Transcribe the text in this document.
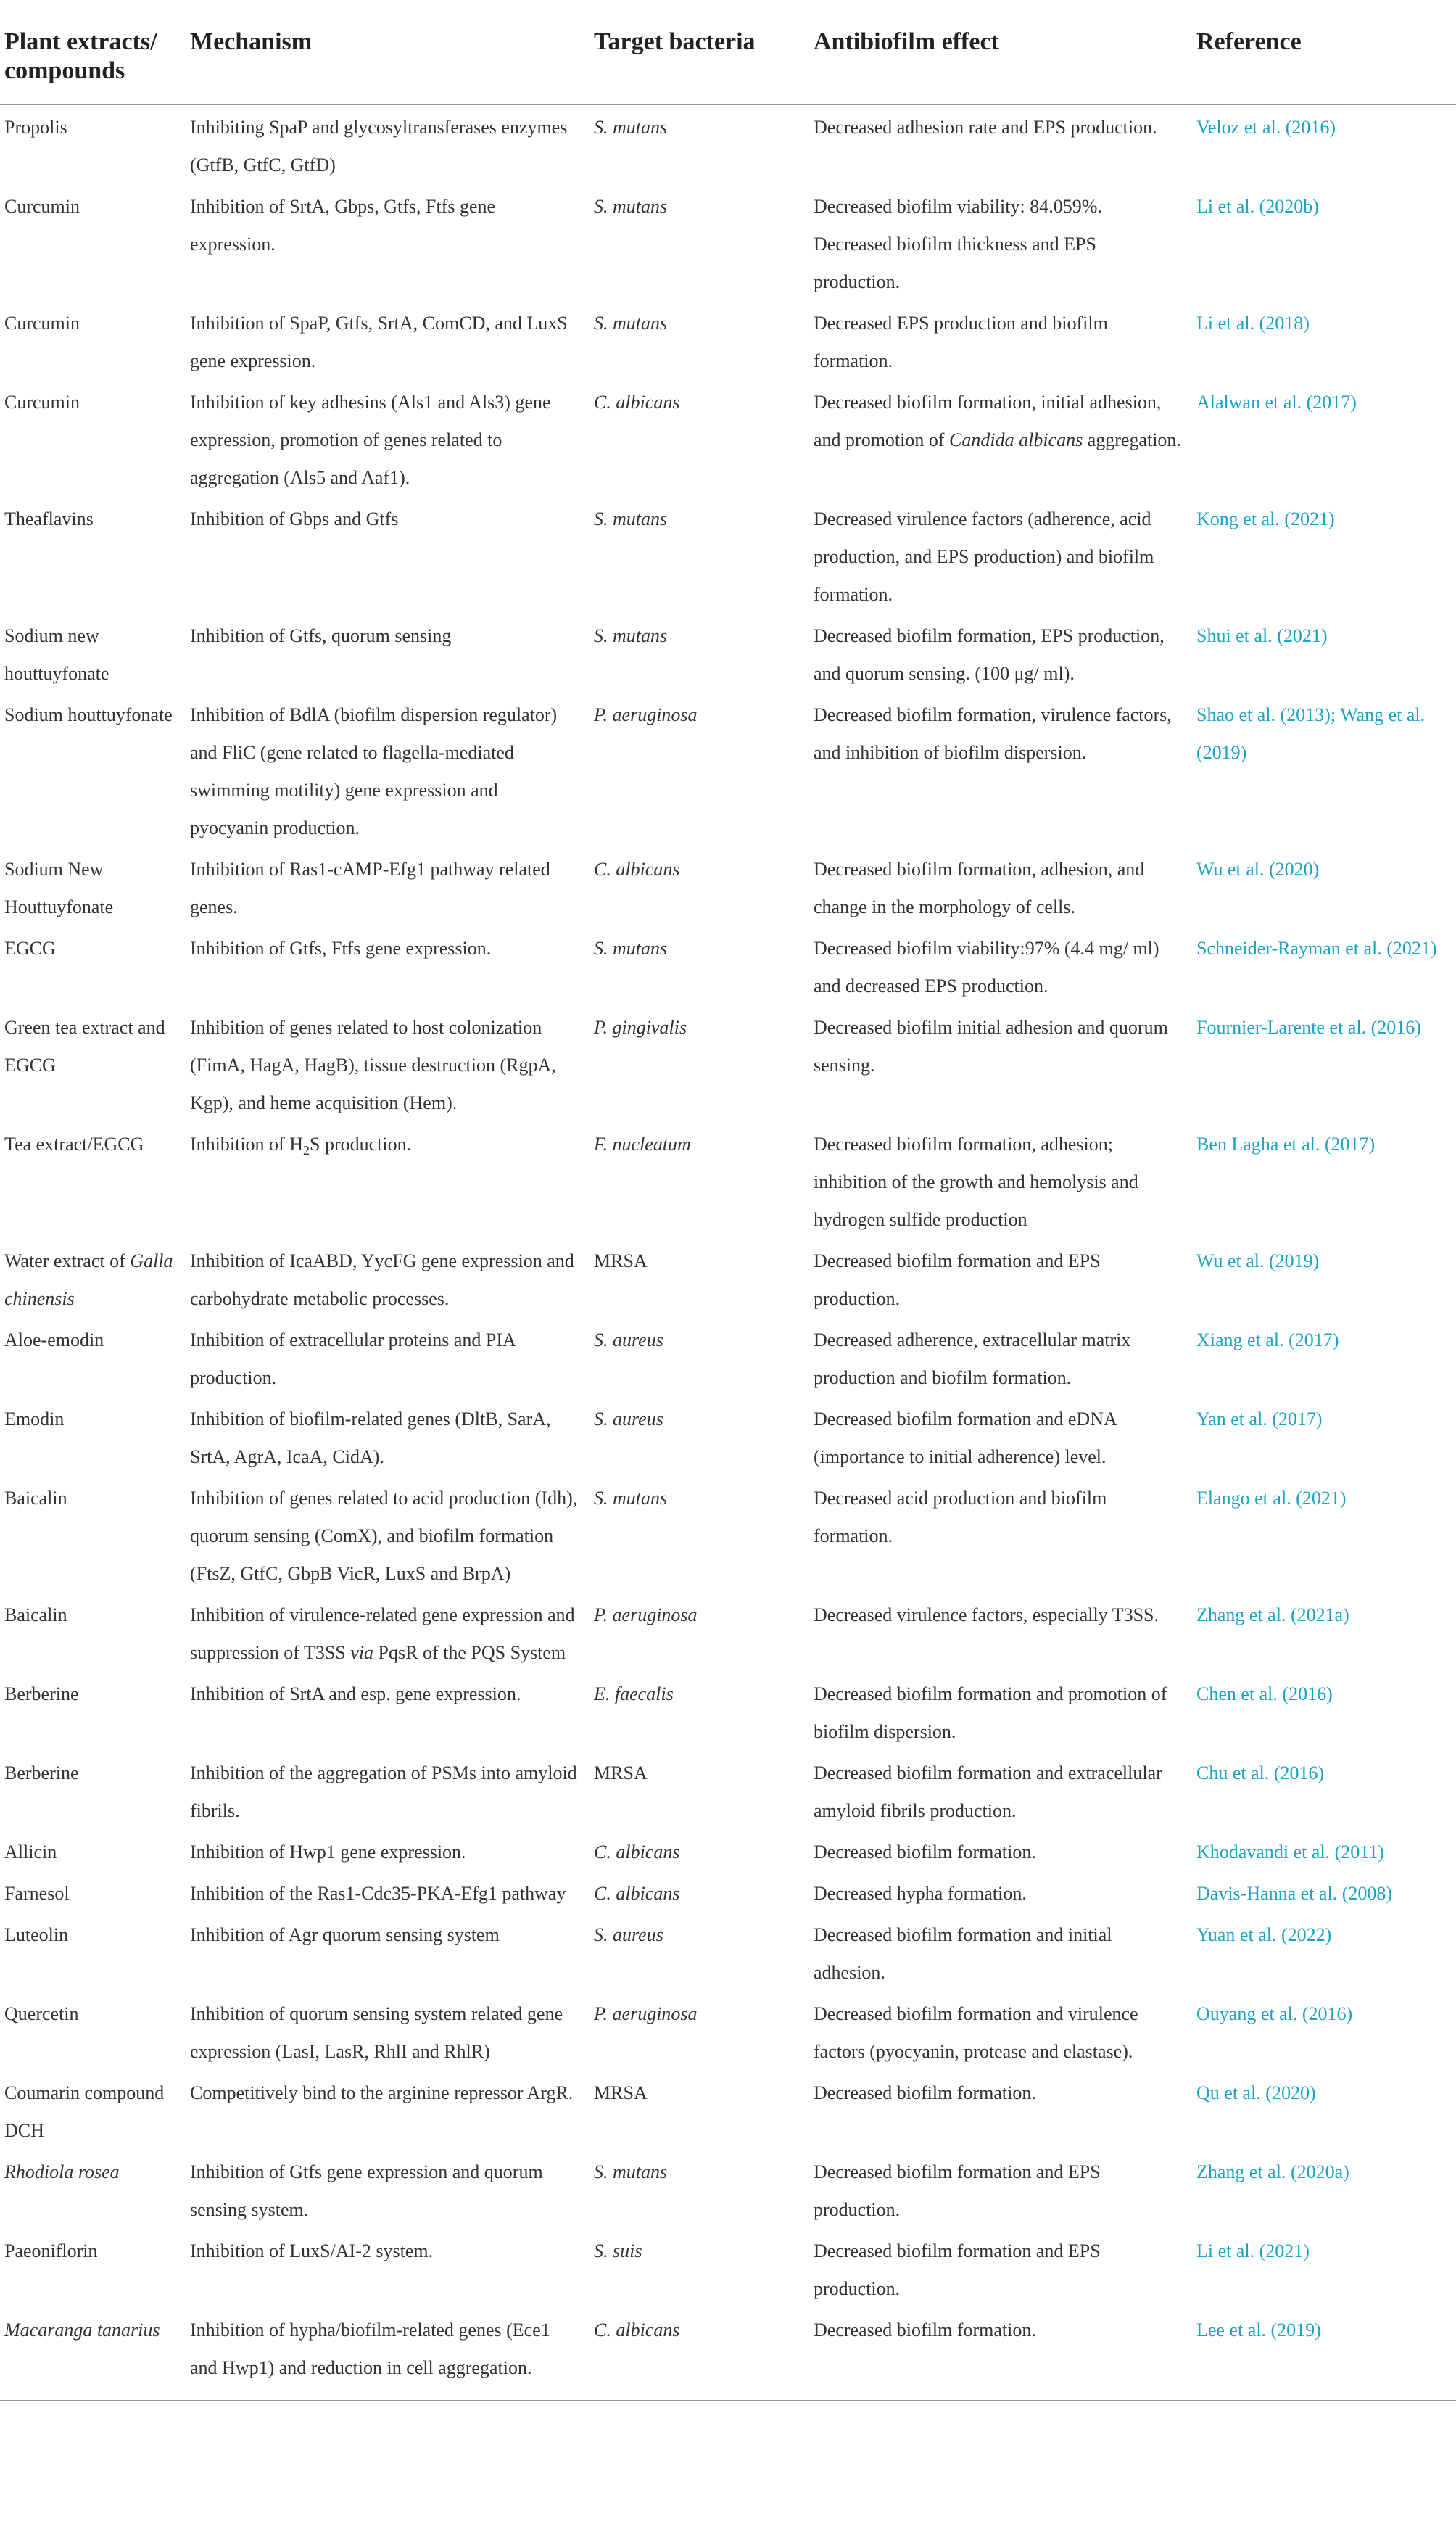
Plant extracts/ compounds	Mechanism	Target bacteria	Antibiofilm effect	Reference
Propolis	Inhibiting SpaP and glycosyltransferases enzymes (GtfB, GtfC, GtfD)	S. mutans	Decreased adhesion rate and EPS production.	Veloz et al. (2016)
Curcumin	Inhibition of SrtA, Gbps, Gtfs, Ftfs gene expression.	S. mutans	Decreased biofilm viability: 84.059%. Decreased biofilm thickness and EPS production.	Li et al. (2020b)
Curcumin	Inhibition of SpaP, Gtfs, SrtA, ComCD, and LuxS gene expression.	S. mutans	Decreased EPS production and biofilm formation.	Li et al. (2018)
Curcumin	Inhibition of key adhesins (Als1 and Als3) gene expression, promotion of genes related to aggregation (Als5 and Aaf1).	C. albicans	Decreased biofilm formation, initial adhesion, and promotion of Candida albicans aggregation.	Alalwan et al. (2017)
Theaflavins	Inhibition of Gbps and Gtfs	S. mutans	Decreased virulence factors (adherence, acid production, and EPS production) and biofilm formation.	Kong et al. (2021)
Sodium new houttuyfonate	Inhibition of Gtfs, quorum sensing	S. mutans	Decreased biofilm formation, EPS production, and quorum sensing. (100 μg/ ml).	Shui et al. (2021)
Sodium houttuyfonate	Inhibition of BdlA (biofilm dispersion regulator) and FliC (gene related to flagella-mediated swimming motility) gene expression and pyocyanin production.	P. aeruginosa	Decreased biofilm formation, virulence factors, and inhibition of biofilm dispersion.	Shao et al. (2013); Wang et al. (2019)
Sodium New Houttuyfonate	Inhibition of Ras1-cAMP-Efg1 pathway related genes.	C. albicans	Decreased biofilm formation, adhesion, and change in the morphology of cells.	Wu et al. (2020)
EGCG	Inhibition of Gtfs, Ftfs gene expression.	S. mutans	Decreased biofilm viability:97% (4.4 mg/ ml) and decreased EPS production.	Schneider-Rayman et al. (2021)
Green tea extract and EGCG	Inhibition of genes related to host colonization (FimA, HagA, HagB), tissue destruction (RgpA, Kgp), and heme acquisition (Hem).	P. gingivalis	Decreased biofilm initial adhesion and quorum sensing.	Fournier-Larente et al. (2016)
Tea extract/EGCG	Inhibition of $H_2S$ production.	F. nucleatum	Decreased biofilm formation, adhesion; inhibition of the growth and hemolysis and hydrogen sulfide production	Ben Lagha et al. (2017)
Water extract of Galla chinensis	Inhibition of IcaABD, YycFG gene expression and carbohydrate metabolic processes.	MRSA	Decreased biofilm formation and EPS production.	Wu et al. (2019)
Aloe-emodin	Inhibition of extracellular proteins and PIA production.	S. aureus	Decreased adherence, extracellular matrix production and biofilm formation.	Xiang et al. (2017)
Emodin	Inhibition of biofilm-related genes (DltB, SarA, SrtA, AgrA, IcaA, CidA).	S. aureus	Decreased biofilm formation and eDNA (importance to initial adherence) level.	Yan et al. (2017)
Baicalin	Inhibition of genes related to acid production (Idh), quorum sensing (ComX), and biofilm formation (FtsZ, GtfC, GbpB VicR, LuxS and BrpA)	S. mutans	Decreased acid production and biofilm formation.	Elango et al. (2021)
Baicalin	Inhibition of virulence-related gene expression and suppression of T3SS via PqsR of the PQS System	P. aeruginosa	Decreased virulence factors, especially T3SS.	Zhang et al. (2021a)
Berberine	Inhibition of SrtA and esp. gene expression.	E. faecalis	Decreased biofilm formation and promotion of biofilm dispersion.	Chen et al. (2016)
Berberine	Inhibition of the aggregation of PSMs into amyloid fibrils.	MRSA	Decreased biofilm formation and extracellular amyloid fibrils production.	Chu et al. (2016)
Allicin	Inhibition of Hwp1 gene expression.	C. albicans	Decreased biofilm formation.	Khodavandi et al. (2011)
Farnesol	Inhibition of the Ras1-Cdc35-PKA-Efg1 pathway	C. albicans	Decreased hypha formation.	Davis-Hanna et al. (2008)
Luteolin	Inhibition of Agr quorum sensing system	S. aureus	Decreased biofilm formation and initial adhesion.	Yuan et al. (2022)
Quercetin	Inhibition of quorum sensing system related gene expression (LasI, LasR, RhlI and RhlR)	P. aeruginosa	Decreased biofilm formation and virulence factors (pyocyanin, protease and elastase).	Ouyang et al. (2016)
Coumarin compound DCH	Competitively bind to the arginine repressor ArgR.	MRSA	Decreased biofilm formation.	Qu et al. (2020)
Rhodiola rosea	Inhibition of Gtfs gene expression and quorum sensing system.	S. mutans	Decreased biofilm formation and EPS production.	Zhang et al. (2020a)
Paeoniflorin	Inhibition of LuxS/AI-2 system.	S. suis	Decreased biofilm formation and EPS production.	Li et al. (2021)
Macaranga tanarius	Inhibition of hypha/biofilm-related genes (Ece1 and Hwp1) and reduction in cell aggregation.	C. albicans	Decreased biofilm formation.	Lee et al. (2019)
